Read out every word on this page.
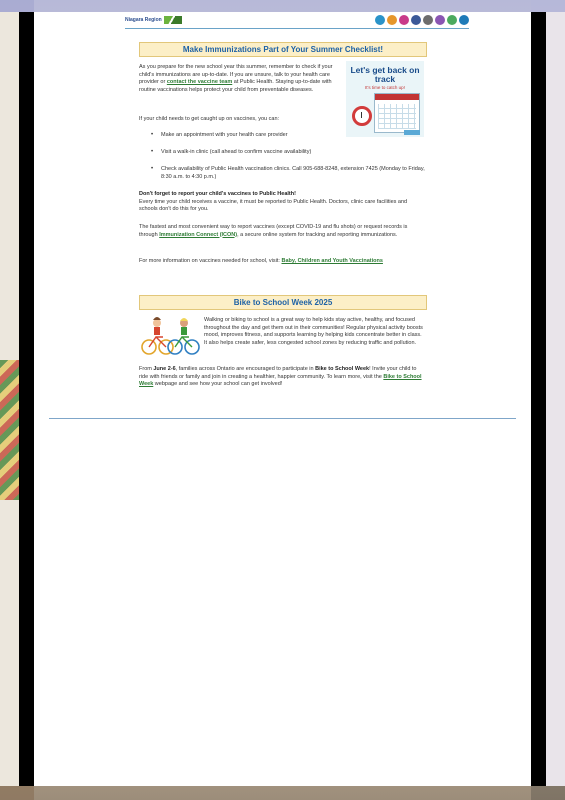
Niagara Region
Make Immunizations Part of Your Summer Checklist!
As you prepare for the new school year this summer, remember to check if your child's immunizations are up-to-date. If you are unsure, talk to your health care provider or contact the vaccine team at Public Health. Staying up-to-date with routine vaccinations helps protect your child from preventable diseases.
Let's get back on track
It's time to catch up!
If your child needs to get caught up on vaccines, you can:
•	Make an appointment with your health care provider
•	Visit a walk-in clinic (call ahead to confirm vaccine availability)
•	Check availability of Public Health vaccination clinics. Call 905-688-8248, extension 7425 (Monday to Friday, 8:30 a.m. to 4:30 p.m.)
Don't forget to report your child's vaccines to Public Health!
Every time your child receives a vaccine, it must be reported to Public Health. Doctors, clinic care facilities and schools don't do this for you.
The fastest and most convenient way to report vaccines (except COVID-19 and flu shots) or request records is through Immunization Connect (ICON), a secure online system for tracking and reporting immunizations.
For more information on vaccines needed for school, visit: Baby, Children and Youth Vaccinations
Bike to School Week 2025
Walking or biking to school is a great way to help kids stay active, healthy, and focused throughout the day and get them out in their communities! Regular physical activity boosts mood, improves fitness, and supports learning by helping kids concentrate better in class. It also helps create safer, less congested school zones by reducing traffic and pollution.
From June 2-6, families across Ontario are encouraged to participate in Bike to School Week! Invite your child to ride with friends or family and join in creating a healthier, happier community. To learn more, visit the Bike to School Week webpage and see how your school can get involved!
